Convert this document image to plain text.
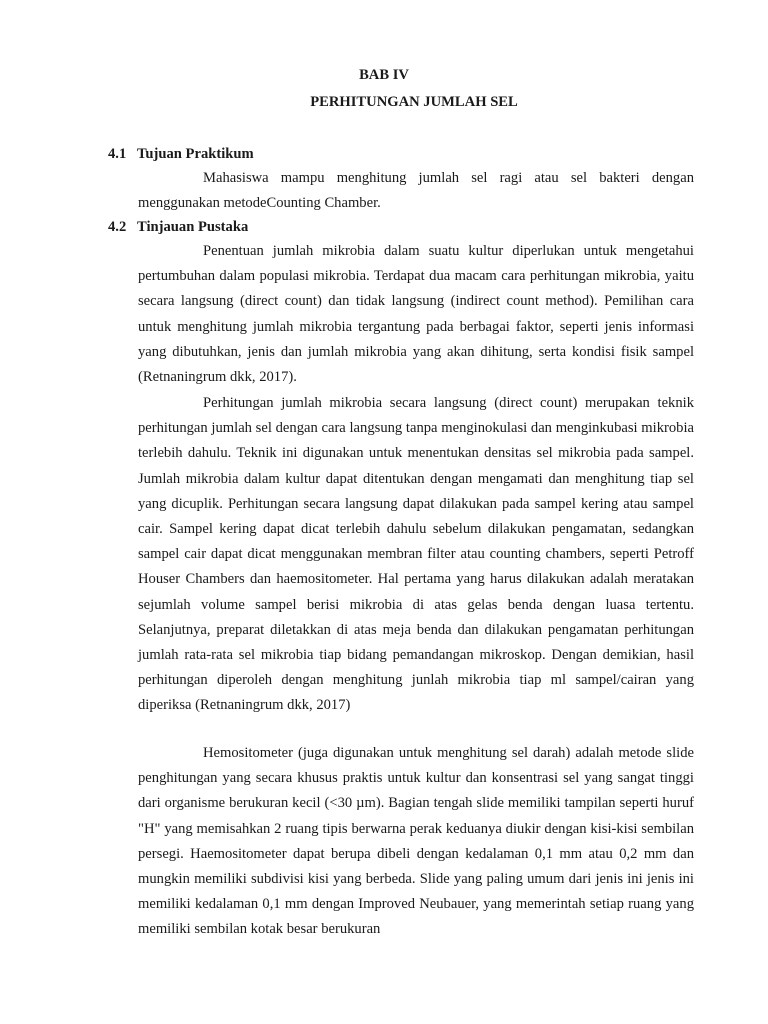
BAB IV
PERHITUNGAN JUMLAH SEL
4.1 Tujuan Praktikum

Mahasiswa mampu menghitung jumlah sel ragi atau sel bakteri dengan menggunakan metodeCounting Chamber.

4.2 Tinjauan Pustaka

Penentuan jumlah mikrobia dalam suatu kultur diperlukan untuk mengetahui pertumbuhan dalam populasi mikrobia. Terdapat dua macam cara perhitungan mikrobia, yaitu secara langsung (direct count) dan tidak langsung (indirect count method). Pemilihan cara untuk menghitung jumlah mikrobia tergantung pada berbagai faktor, seperti jenis informasi yang dibutuhkan, jenis dan jumlah mikrobia yang akan dihitung, serta kondisi fisik sampel (Retnaningrum dkk, 2017).

Perhitungan jumlah mikrobia secara langsung (direct count) merupakan teknik perhitungan jumlah sel dengan cara langsung tanpa menginokulasi dan menginkubasi mikrobia terlebih dahulu. Teknik ini digunakan untuk menentukan densitas sel mikrobia pada sampel. Jumlah mikrobia dalam kultur dapat ditentukan dengan mengamati dan menghitung tiap sel yang dicuplik. Perhitungan secara langsung dapat dilakukan pada sampel kering atau sampel cair. Sampel kering dapat dicat terlebih dahulu sebelum dilakukan pengamatan, sedangkan sampel cair dapat dicat menggunakan membran filter atau counting chambers, seperti Petroff Houser Chambers dan haemositometer. Hal pertama yang harus dilakukan adalah meratakan sejumlah volume sampel berisi mikrobia di atas gelas benda dengan luasa tertentu. Selanjutnya, preparat diletakkan di atas meja benda dan dilakukan pengamatan perhitungan jumlah rata-rata sel mikrobia tiap bidang pemandangan mikroskop. Dengan demikian, hasil perhitungan diperoleh dengan menghitung junlah mikrobia tiap ml sampel/cairan yang diperiksa (Retnaningrum dkk, 2017)

Hemositometer (juga digunakan untuk menghitung sel darah) adalah metode slide penghitungan yang secara khusus praktis untuk kultur dan konsentrasi sel yang sangat tinggi dari organisme berukuran kecil (<30 µm). Bagian tengah slide memiliki tampilan seperti huruf "H" yang memisahkan 2 ruang tipis berwarna perak keduanya diukir dengan kisi-kisi sembilan persegi. Haemositometer dapat berupa dibeli dengan kedalaman 0,1 mm atau 0,2 mm dan mungkin memiliki subdivisi kisi yang berbeda. Slide yang paling umum dari jenis ini jenis ini memiliki kedalaman 0,1 mm dengan Improved Neubauer, yang memerintah setiap ruang yang memiliki sembilan kotak besar berukuran
